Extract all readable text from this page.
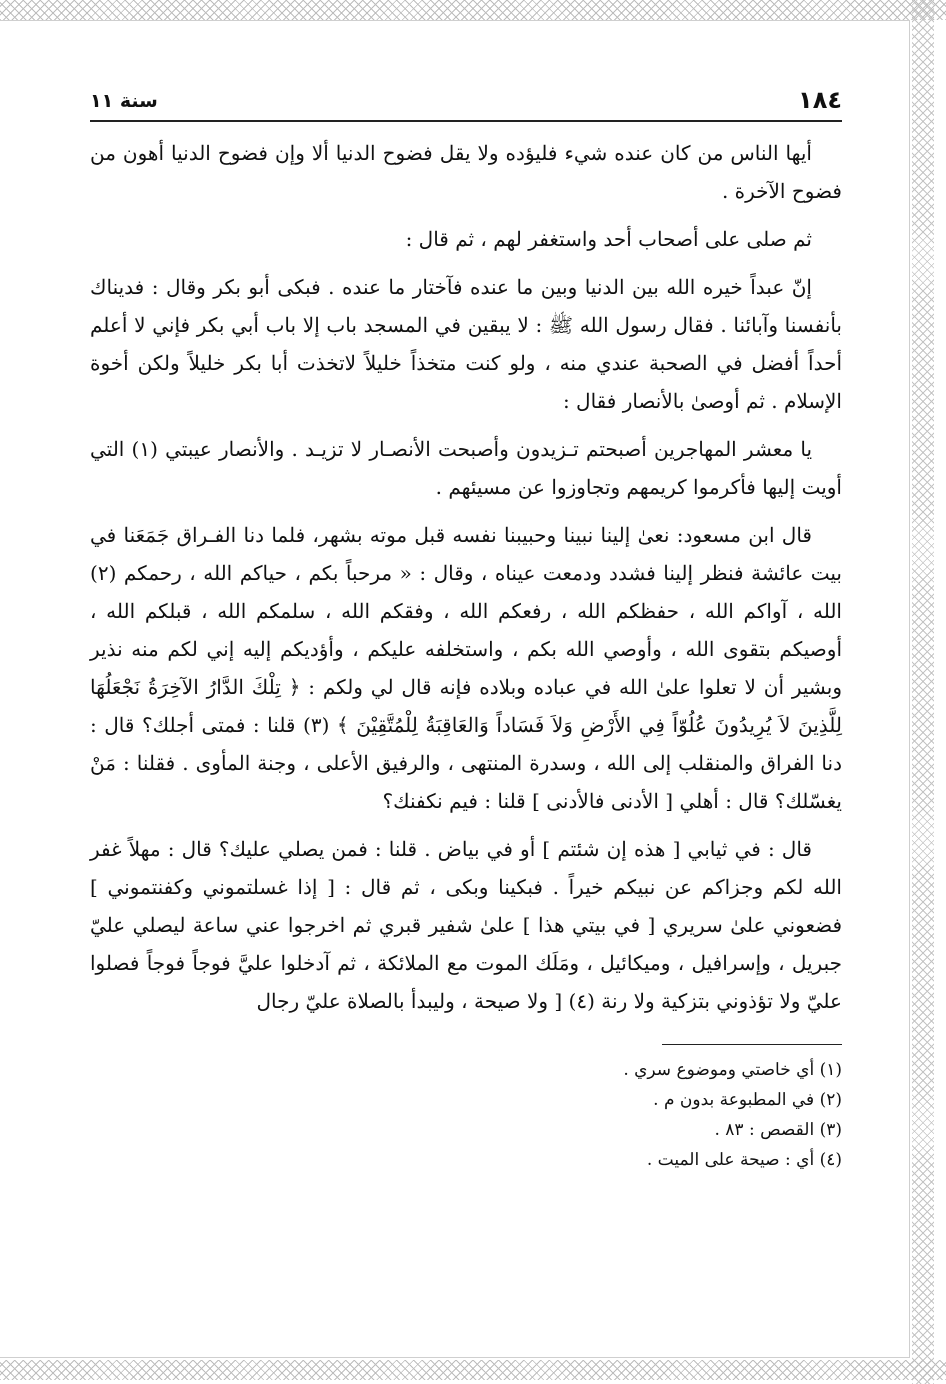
١٨٤
سنة ١١

أيها الناس من كان عنده شيء فليؤده ولا يقل فضوح الدنيا ألا وإن فضوح الدنيا أهون من فضوح الآخرة .

ثم صلى على أصحاب أحد واستغفر لهم ، ثم قال :

إنّ عبداً خيره الله بين الدنيا وبين ما عنده فآختار ما عنده . فبكى أبو بكر وقال : فديناك بأنفسنا وآبائنا . فقال رسول الله ﷺ : لا يبقين في المسجد باب إلا باب أبي بكر فإني لا أعلم أحداً أفضل في الصحبة عندي منه ، ولو كنت متخذاً خليلاً لاتخذت أبا بكر خليلاً ولكن أخوة الإسلام . ثم أوصىٰ بالأنصار فقال :

يا معشر المهاجرين أصبحتم تـزيدون وأصبحت الأنصـار لا تزيـد . والأنصار عيبتي (١) التي أويت إليها فأكرموا كريمهم وتجاوزوا عن مسيئهم .

قال ابن مسعود: نعىٰ إلينا نبينا وحبيبنا نفسه قبل موته بشهر، فلما دنا الفـراق جَمَعَنا في بيت عائشة فنظر إلينا فشدد ودمعت عيناه ، وقال : « مرحباً بكم ، حياكم الله ، رحمكم (٢) الله ، آواكم الله ، حفظكم الله ، رفعكم الله ، وفقكم الله ، سلمكم الله ، قبلكم الله ، أوصيكم بتقوى الله ، وأوصي الله بكم ، واستخلفه عليكم ، وأؤديكم إليه إني لكم منه نذير وبشير أن لا تعلوا علىٰ الله في عباده وبلاده فإنه قال لي ولكم : ﴿ تِلْكَ الدَّارُ الآخِرَةُ نَجْعَلُهَا لِلَّذِينَ لاَ يُرِيدُونَ عُلُوّاً فِي الأَرْضِ وَلاَ فَسَاداً وَالعَاقِبَةُ لِلْمُتَّقِيْنَ ﴾ (٣) قلنا : فمتى أجلك؟ قال : دنا الفراق والمنقلب إلى الله ، وسدرة المنتهى ، والرفيق الأعلى ، وجنة المأوى . فقلنا : مَنْ يغسّلك؟ قال : أهلي [ الأدنى فالأدنى ] قلنا : فيم نكفنك؟

قال : في ثيابي [ هذه إن شئتم ] أو في بياض . قلنا : فمن يصلي عليك؟ قال : مهلاً غفر الله لكم وجزاكم عن نبيكم خيراً . فبكينا وبكى ، ثم قال : [ إذا غسلتموني وكفنتموني ] فضعوني علىٰ سريري [ في بيتي هذا ] علىٰ شفير قبري ثم اخرجوا عني ساعة ليصلي عليّ جبريل ، وإسرافيل ، وميكائيل ، ومَلَك الموت مع الملائكة ، ثم آدخلوا عليَّ فوجاً فوجاً فصلوا عليّ ولا تؤذوني بتزكية ولا رنة (٤) [ ولا صيحة ، وليبدأ بالصلاة عليّ رجال

(١) أي خاصتي وموضوع سري .

(٢) في المطبوعة بدون م .

(٣) القصص : ٨٣ .

(٤) أي : صيحة على الميت .
